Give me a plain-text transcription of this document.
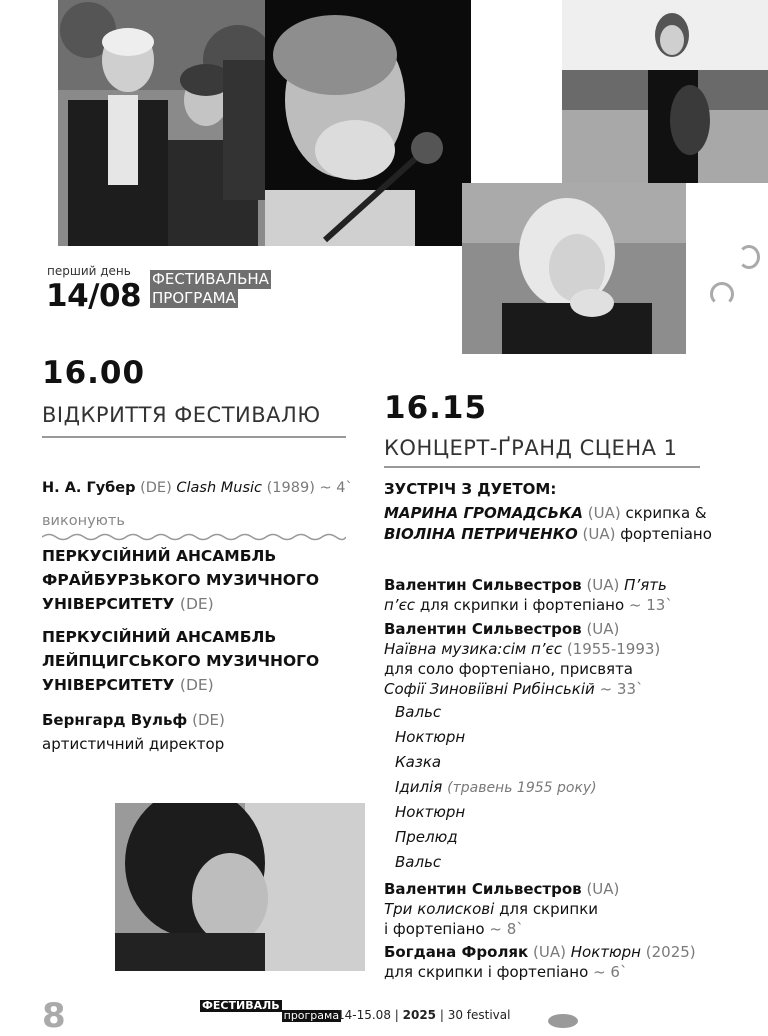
перший день
14/08 ФЕСТИВАЛЬНА
ПРОГРАМА
16.00
ВІДКРИТТЯ ФЕСТИВАЛЮ
Н. А. Губер (DE) Clash Music (1989) ~ 4`
виконують
ПЕРКУСІЙНИЙ АНСАМБЛЬ
ФРАЙБУРЗЬКОГО МУЗИЧНОГО
УНІВЕРСИТЕТУ (DE)
ПЕРКУСІЙНИЙ АНСАМБЛЬ
ЛЕЙПЦИГСЬКОГО МУЗИЧНОГО
УНІВЕРСИТЕТУ (DE)
Бернгард Вульф (DE)
артистичний директор
16.15
КОНЦЕРТ-ҐРАНД СЦЕНА 1
ЗУСТРІЧ З ДУЕТОМ:
МАРИНА ГРОМАДСЬКА (UA) скрипка &
ВІОЛІНА ПЕТРИЧЕНКО (UA) фортепіано
Валентин Сильвестров (UA) П’ять
п’єс для скрипки і фортепіано ~ 13`
Валентин Сильвестров (UA)
Наївна музика:сім п’єс (1955-1993)
для соло фортепіано, присвята
Софії Зиновіївні Рибінській ~ 33`
Вальс
Ноктюрн
Казка
Ідилія (травень 1955 року)
Ноктюрн
Прелюд
Вальс
Валентин Сильвестров (UA)
Три колискові для скрипки
і фортепіано ~ 8`
Богдана Фроляк (UA) Ноктюрн (2025)
для скрипки і фортепіано ~ 6`
8	ФЕСТИВАЛЬпрограма
14-15.08 | 2025 | 30 festival
